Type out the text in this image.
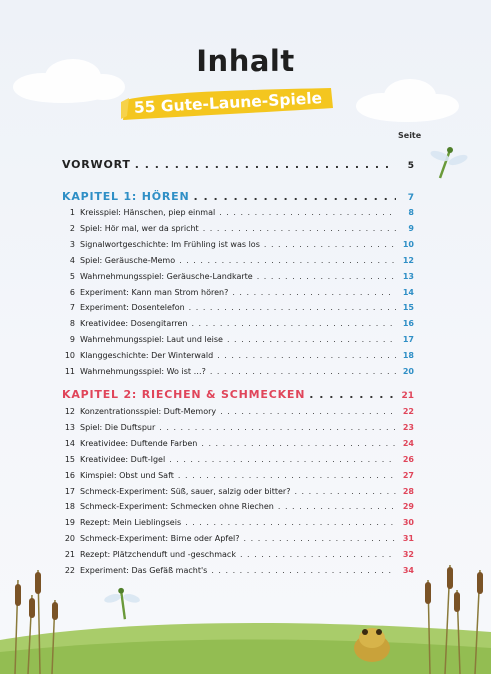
Inhalt
55 Gute-Laune-Spiele
Seite
VORWORT . . .	5
KAPITEL 1: HÖREN . . .	7
1 Kreisspiel: Hänschen, piep einmal . . .	8
2 Spiel: Hör mal, wer da spricht . . .	9
3 Signalwortgeschichte: Im Frühling ist was los . . .	10
4 Spiel: Geräusche-Memo . . .	12
5 Wahrnehmungsspiel: Geräusche-Landkarte . . .	13
6 Experiment: Kann man Strom hören? . . .	14
7 Experiment: Dosentelefon . . .	15
8 Kreatividee: Dosengitarren . . .	16
9 Wahrnehmungsspiel: Laut und leise . . .	17
10 Klanggeschichte: Der Winterwald . . .	18
11 Wahrnehmungsspiel: Wo ist …? . . .	20
KAPITEL 2: RIECHEN & SCHMECKEN . . .	21
12 Konzentrationsspiel: Duft-Memory . . .	22
13 Spiel: Die Duftspur . . .	23
14 Kreatividee: Duftende Farben . . .	24
15 Kreatividee: Duft-Igel . . .	26
16 Kimspiel: Obst und Saft . . .	27
17 Schmeck-Experiment: Süß, sauer, salzig oder bitter? . . .	28
18 Schmeck-Experiment: Schmecken ohne Riechen . . .	29
19 Rezept: Mein Lieblingseis . . .	30
20 Schmeck-Experiment: Birne oder Apfel? . . .	31
21 Rezept: Plätzchenduft und -geschmack . . .	32
22 Experiment: Das Gefäß macht's . . .	34
